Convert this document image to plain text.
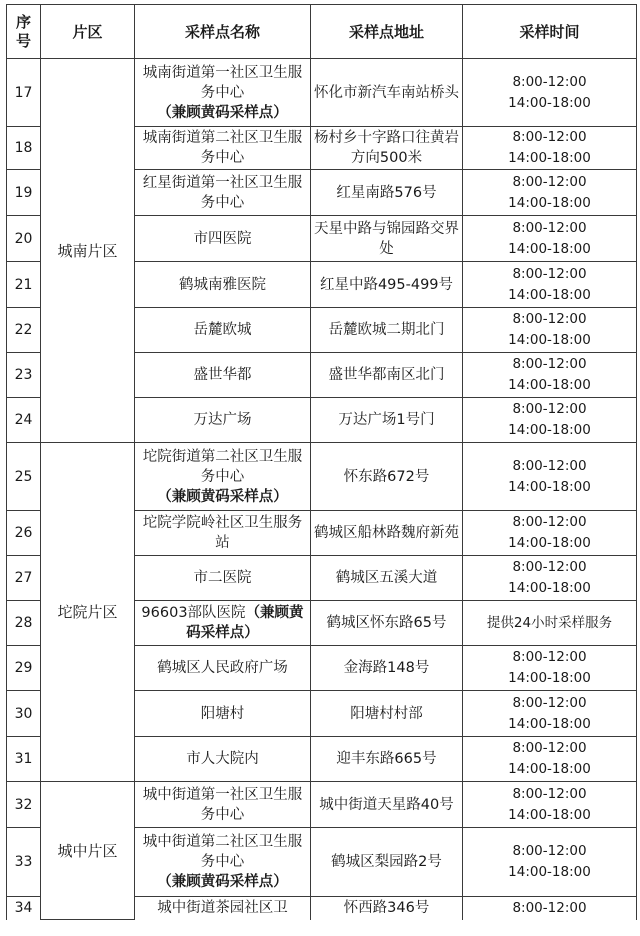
序号	片区	采样点名称	采样点地址	采样时间
17	城南片区	城南街道第一社区卫生服务中心（兼顾黄码采样点）	怀化市新汽车南站桥头	8:00-12:00
14:00-18:00

18		城南街道第二社区卫生服务中心	杨村乡十字路口往黄岩方向500米	8:00-12:00
14:00-18:00

19		红星街道第一社区卫生服务中心	红星南路576号	8:00-12:00
14:00-18:00

20		市四医院	天星中路与锦园路交界处	8:00-12:00
14:00-18:00

21		鹤城南雅医院	红星中路495-499号	8:00-12:00
14:00-18:00

22		岳麓欧城	岳麓欧城二期北门	8:00-12:00
14:00-18:00

23		盛世华都	盛世华都南区北门	8:00-12:00
14:00-18:00

24		万达广场	万达广场1号门	8:00-12:00
14:00-18:00

25	坨院片区	坨院街道第二社区卫生服务中心（兼顾黄码采样点）	怀东路672号	8:00-12:00
14:00-18:00

26		坨院学院岭社区卫生服务站	鹤城区船林路魏府新苑	8:00-12:00
14:00-18:00

27		市二医院	鹤城区五溪大道	8:00-12:00
14:00-18:00

28		96603部队医院（兼顾黄码采样点）	鹤城区怀东路65号	提供24小时采样服务

29		鹤城区人民政府广场	金海路148号	8:00-12:00
14:00-18:00

30		阳塘村	阳塘村村部	8:00-12:00
14:00-18:00

31		市人大院内	迎丰东路665号	8:00-12:00
14:00-18:00

32	城中片区	城中街道第一社区卫生服务中心	城中街道天星路40号	8:00-12:00
14:00-18:00

33		城中街道第二社区卫生服务中心（兼顾黄码采样点）	鹤城区梨园路2号	8:00-12:00
14:00-18:00

34		城中街道茶园社区卫	怀西路346号	8:00-12:00
